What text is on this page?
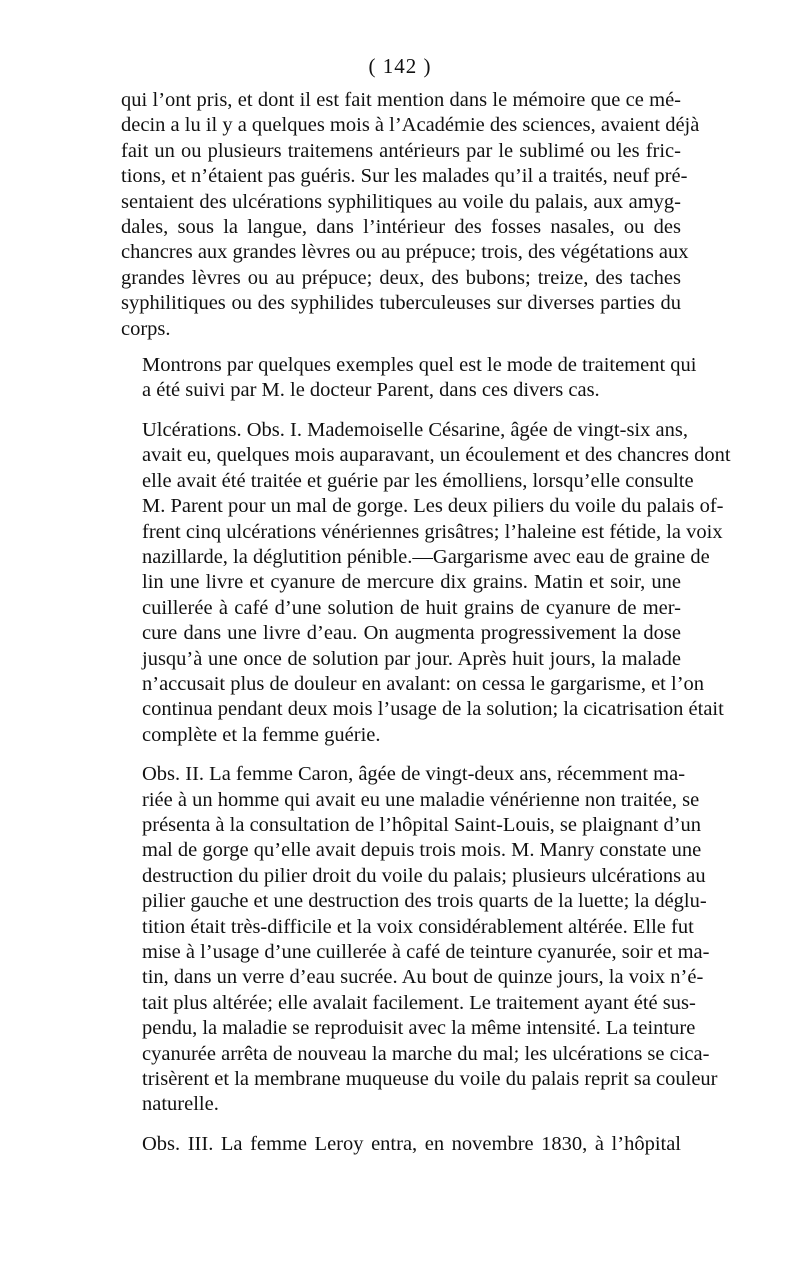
( 142 )
qui l’ont pris, et dont il est fait mention dans le mémoire que ce mé-
decin a lu il y a quelques mois à l’Académie des sciences, avaient déjà
fait un ou plusieurs traitemens antérieurs par le sublimé ou les fric-
tions, et n’étaient pas guéris. Sur les malades qu’il a traités, neuf pré-
sentaient des ulcérations syphilitiques au voile du palais, aux amyg-
dales, sous la langue, dans l’intérieur des fosses nasales, ou des
chancres aux grandes lèvres ou au prépuce; trois, des végétations aux
grandes lèvres ou au prépuce; deux, des bubons; treize, des taches
syphilitiques ou des syphilides tuberculeuses sur diverses parties du
corps.
Montrons par quelques exemples quel est le mode de traitement qui
a été suivi par M. le docteur Parent, dans ces divers cas.
Ulcérations. Obs. I. Mademoiselle Césarine, âgée de vingt-six ans,
avait eu, quelques mois auparavant, un écoulement et des chancres dont
elle avait été traitée et guérie par les émolliens, lorsqu’elle consulte
M. Parent pour un mal de gorge. Les deux piliers du voile du palais of-
frent cinq ulcérations vénériennes grisâtres; l’haleine est fétide, la voix
nazillarde, la déglutition pénible.—Gargarisme avec eau de graine de
lin une livre et cyanure de mercure dix grains. Matin et soir, une
cuillerée à café d’une solution de huit grains de cyanure de mer-
cure dans une livre d’eau. On augmenta progressivement la dose
jusqu’à une once de solution par jour. Après huit jours, la malade
n’accusait plus de douleur en avalant: on cessa le gargarisme, et l’on
continua pendant deux mois l’usage de la solution; la cicatrisation était
complète et la femme guérie.
Obs. II. La femme Caron, âgée de vingt-deux ans, récemment ma-
riée à un homme qui avait eu une maladie vénérienne non traitée, se
présenta à la consultation de l’hôpital Saint-Louis, se plaignant d’un
mal de gorge qu’elle avait depuis trois mois. M. Manry constate une
destruction du pilier droit du voile du palais; plusieurs ulcérations au
pilier gauche et une destruction des trois quarts de la luette; la déglu-
tition était très-difficile et la voix considérablement altérée. Elle fut
mise à l’usage d’une cuillerée à café de teinture cyanurée, soir et ma-
tin, dans un verre d’eau sucrée. Au bout de quinze jours, la voix n’é-
tait plus altérée; elle avalait facilement. Le traitement ayant été sus-
pendu, la maladie se reproduisit avec la même intensité. La teinture
cyanurée arrêta de nouveau la marche du mal; les ulcérations se cica-
trisèrent et la membrane muqueuse du voile du palais reprit sa couleur
naturelle.
Obs. III. La femme Leroy entra, en novembre 1830, à l’hôpital
